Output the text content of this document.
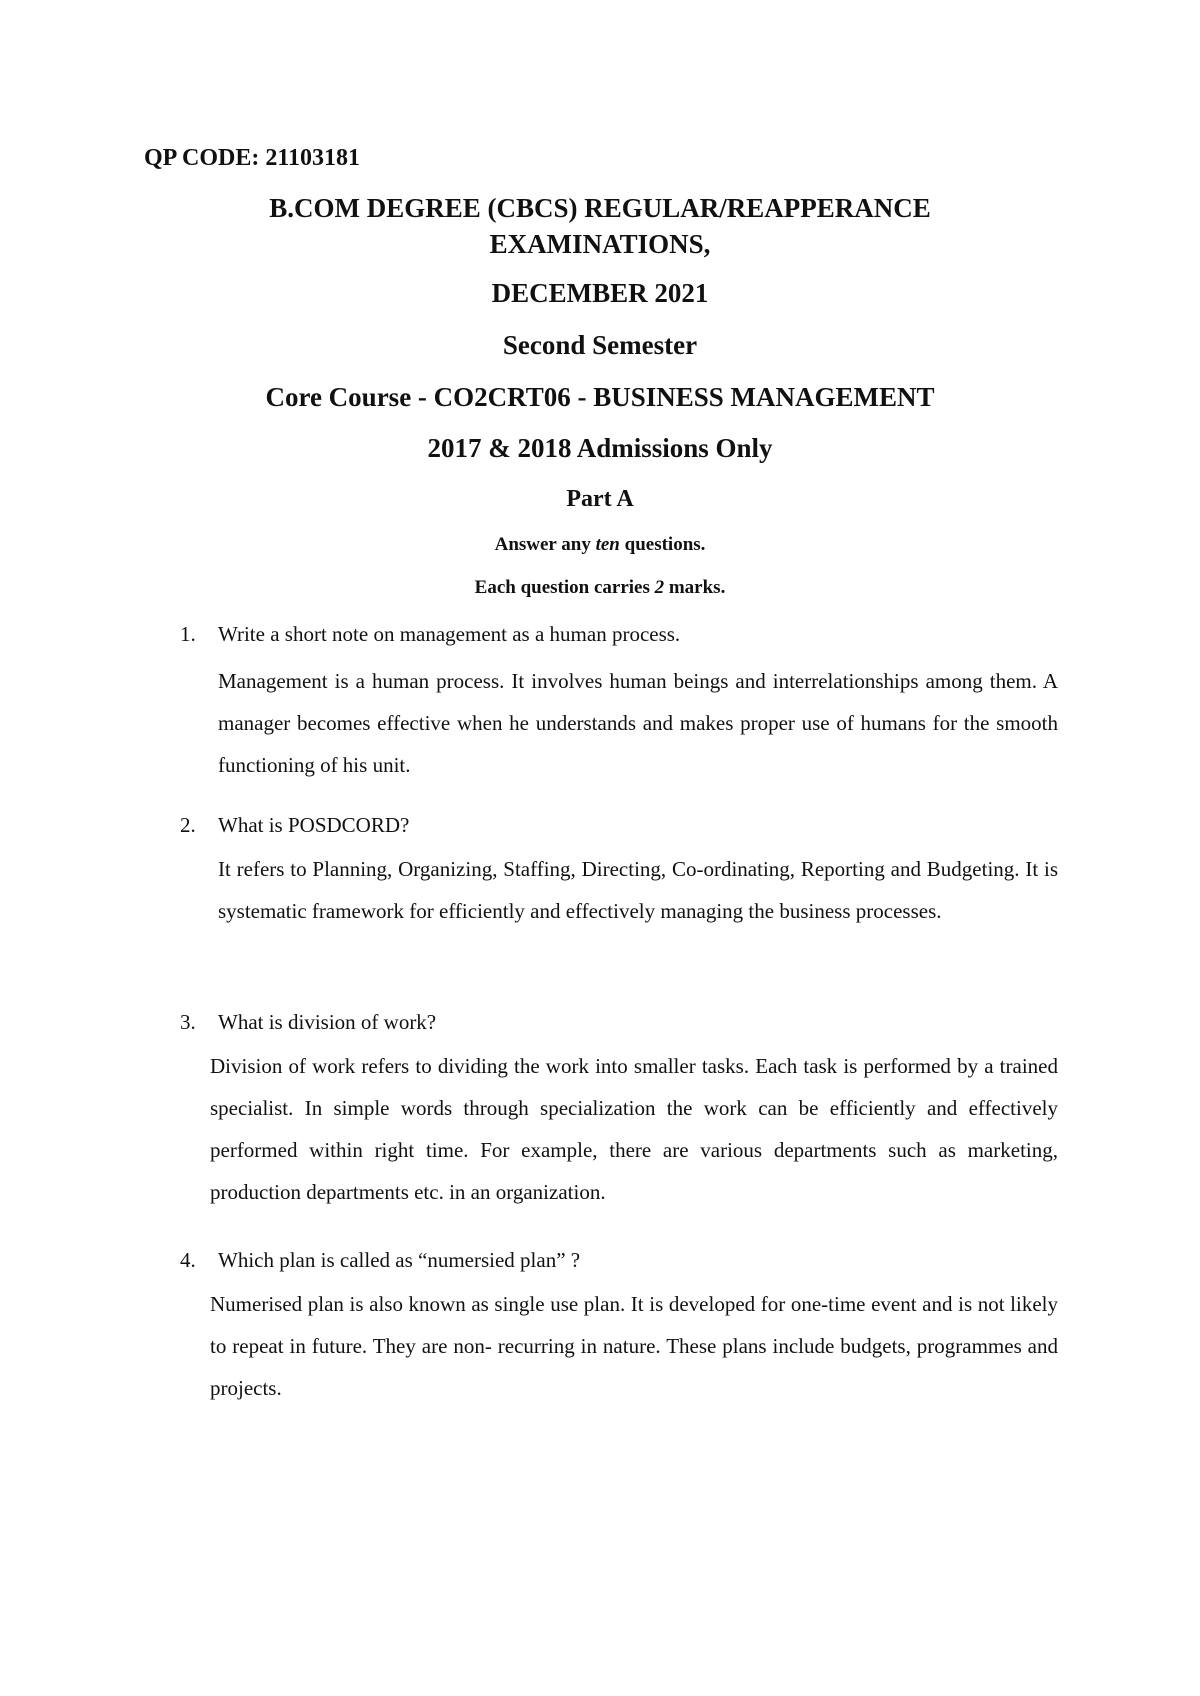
QP CODE: 21103181
B.COM DEGREE (CBCS) REGULAR/REAPPERANCE EXAMINATIONS,
DECEMBER 2021
Second Semester
Core Course - CO2CRT06 - BUSINESS MANAGEMENT
2017 & 2018 Admissions Only
Part A
Answer any ten questions.
Each question carries 2 marks.
1. Write a short note on management as a human process.
Management is a human process. It involves human beings and interrelationships among them. A manager becomes effective when he understands and makes proper use of humans for the smooth functioning of his unit.
2. What is POSDCORD?
It refers to Planning, Organizing, Staffing, Directing, Co-ordinating, Reporting and Budgeting. It is systematic framework for efficiently and effectively managing the business processes.
3. What is division of work?
Division of work refers to dividing the work into smaller tasks. Each task is performed by a trained specialist. In simple words through specialization the work can be efficiently and effectively performed within right time. For example, there are various departments such as marketing, production departments etc. in an organization.
4. Which plan is called as “numersied plan” ?
Numerised plan is also known as single use plan. It is developed for one-time event and is not likely to repeat in future. They are non- recurring in nature. These plans include budgets, programmes and projects.
